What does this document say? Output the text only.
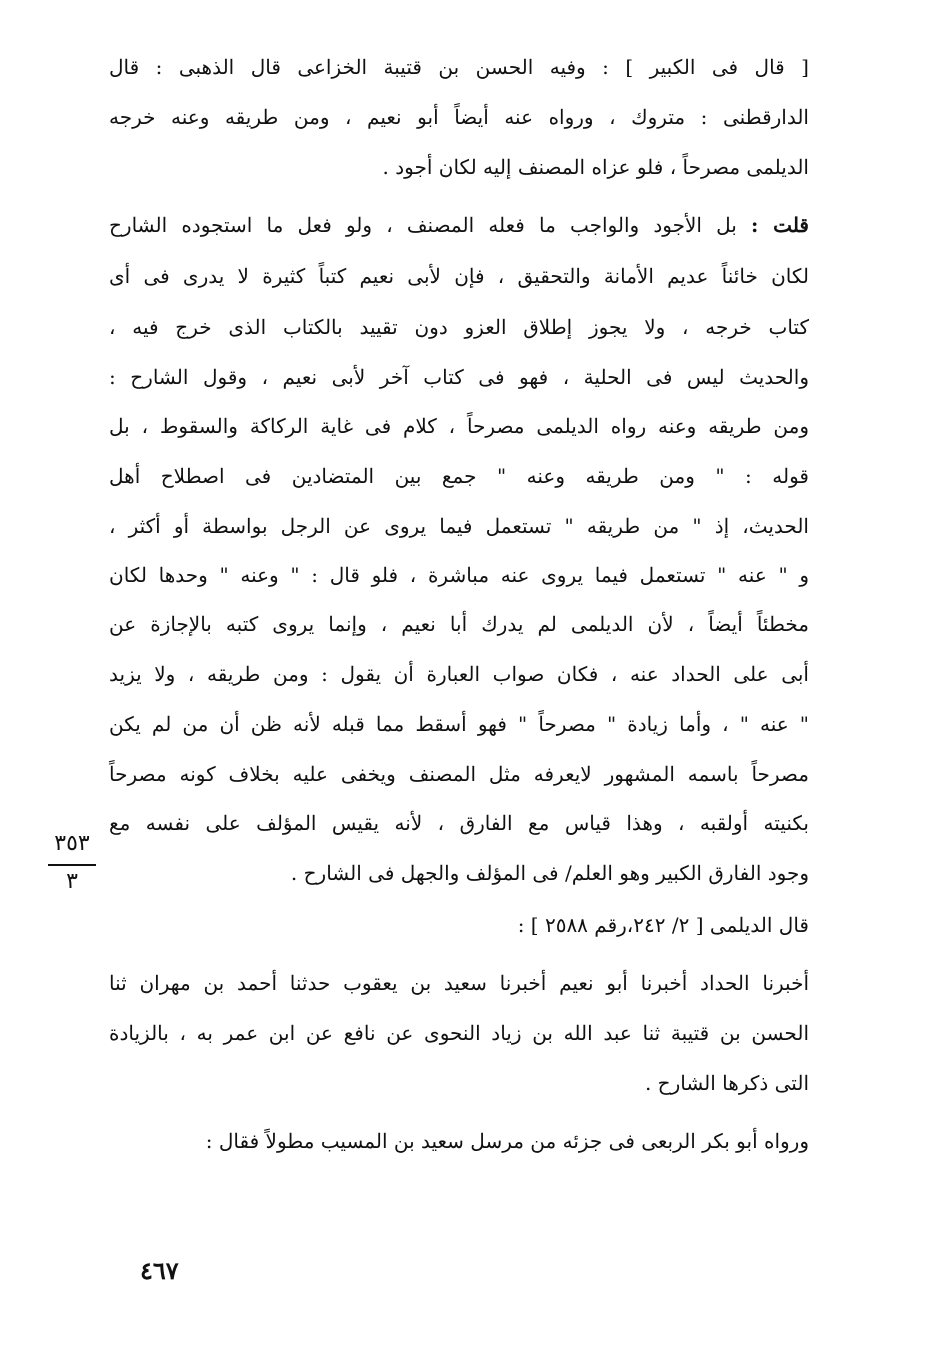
[ قال فى الكبير ] : وفيه الحسن بن قتيبة الخزاعى قال الذهبى : قال

الدارقطنى : متروك ، ورواه عنه أيضاً أبو نعيم ، ومن طريقه وعنه خرجه

الديلمى مصرحاً ، فلو عزاه المصنف إليه لكان أجود .

قلت : بل الأجود والواجب ما فعله المصنف ، ولو فعل ما استجوده الشارح

لكان خائناً عديم الأمانة والتحقيق ، فإن لأبى نعيم كتباً كثيرة لا يدرى فى أى

كتاب خرجه ، ولا يجوز إطلاق العزو دون تقييد بالكتاب الذى خرج فيه ،

والحديث ليس فى الحلية ، فهو فى كتاب آخر لأبى نعيم ، وقول الشارح :

ومن طريقه وعنه رواه الديلمى مصرحاً ، كلام فى غاية الركاكة والسقوط ، بل

قوله : " ومن طريقه وعنه " جمع بين المتضادين فى اصطلاح أهل

الحديث، إذ " من طريقه " تستعمل فيما يروى عن الرجل بواسطة أو أكثر ،

و " عنه " تستعمل فيما يروى عنه مباشرة ، فلو قال : " وعنه " وحدها لكان

مخطئاً أيضاً ، لأن الديلمى لم يدرك أبا نعيم ، وإنما يروى كتبه بالإجازة عن

أبى على الحداد عنه ، فكان صواب العبارة أن يقول : ومن طريقه ، ولا يزيد

" عنه " ، وأما زيادة " مصرحاً " فهو أسقط مما قبله لأنه ظن أن من لم يكن

مصرحاً باسمه المشهور لايعرفه مثل المصنف ويخفى عليه بخلاف كونه مصرحاً

بكنيته أولقبه ، وهذا قياس مع الفارق ، لأنه يقيس المؤلف على نفسه مع

وجود الفارق الكبير وهو العلم/ فى المؤلف والجهل فى الشارح .

٣٥٣
٣

قال الديلمى [ ٢/ ٢٤٢،رقم ٢٥٨٨ ] :

أخبرنا الحداد أخبرنا أبو نعيم أخبرنا سعيد بن يعقوب حدثنا أحمد بن مهران ثنا

الحسن بن قتيبة ثنا عبد الله بن زياد النحوى عن نافع عن ابن عمر به ، بالزيادة

التى ذكرها الشارح .

ورواه أبو بكر الربعى فى جزئه من مرسل سعيد بن المسيب مطولاً فقال :

٤٦٧
